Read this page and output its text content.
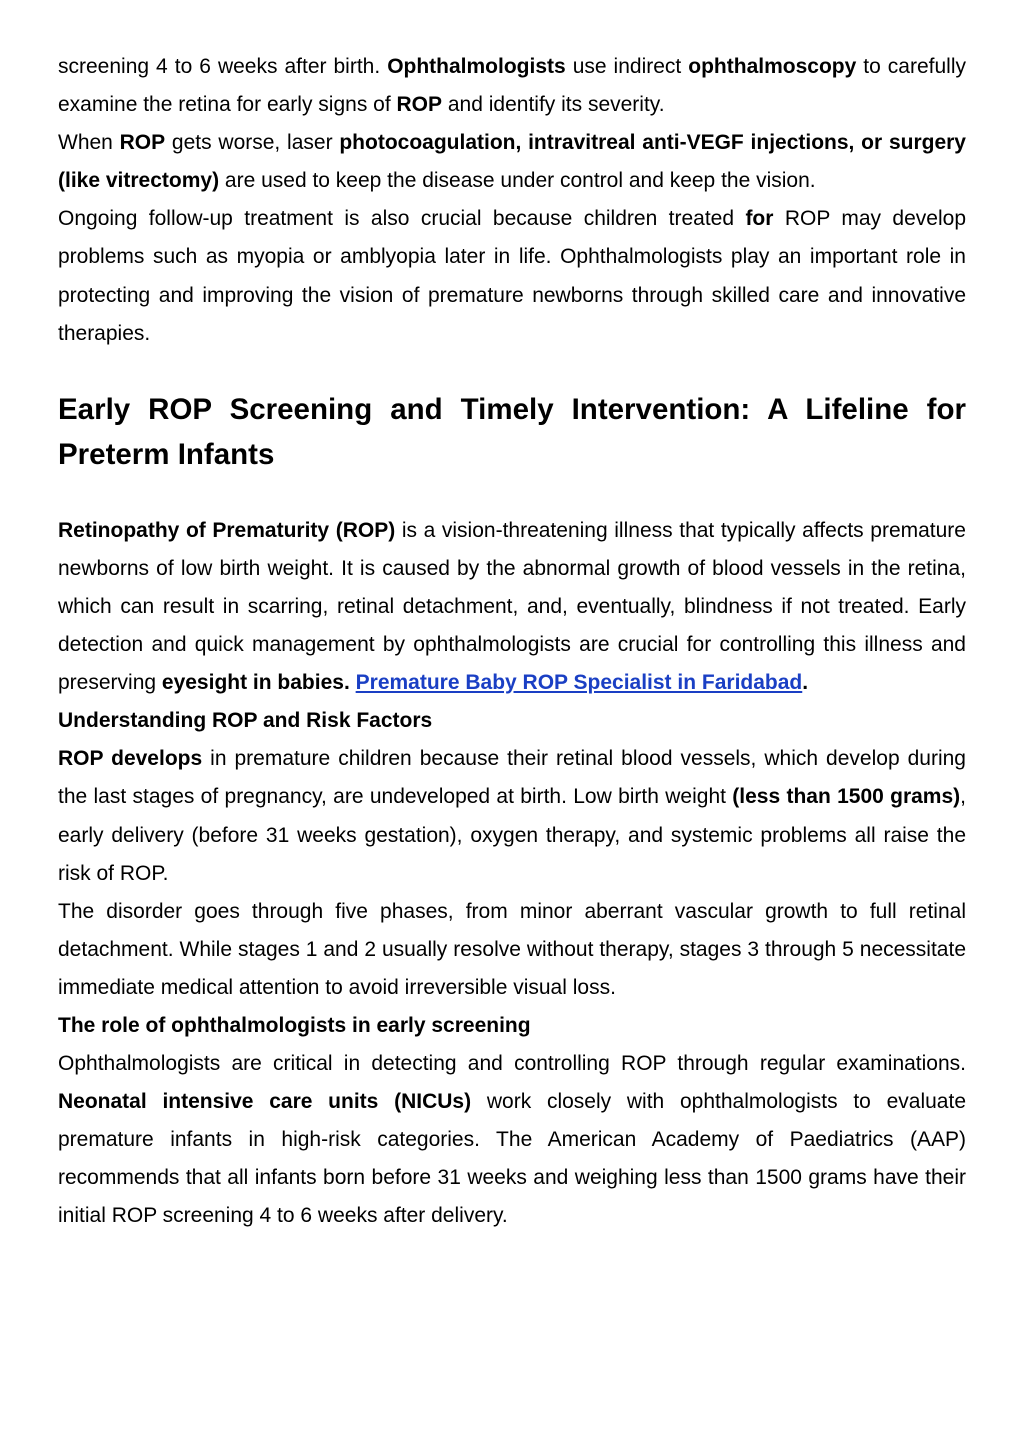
screening 4 to 6 weeks after birth. Ophthalmologists use indirect ophthalmoscopy to carefully examine the retina for early signs of ROP and identify its severity.

When ROP gets worse, laser photocoagulation, intravitreal anti-VEGF injections, or surgery (like vitrectomy) are used to keep the disease under control and keep the vision.

Ongoing follow-up treatment is also crucial because children treated for ROP may develop problems such as myopia or amblyopia later in life. Ophthalmologists play an important role in protecting and improving the vision of premature newborns through skilled care and innovative therapies.

Early ROP Screening and Timely Intervention: A Lifeline for Preterm Infants

Retinopathy of Prematurity (ROP) is a vision-threatening illness that typically affects premature newborns of low birth weight. It is caused by the abnormal growth of blood vessels in the retina, which can result in scarring, retinal detachment, and, eventually, blindness if not treated. Early detection and quick management by ophthalmologists are crucial for controlling this illness and preserving eyesight in babies. Premature Baby ROP Specialist in Faridabad.

Understanding ROP and Risk Factors

ROP develops in premature children because their retinal blood vessels, which develop during the last stages of pregnancy, are undeveloped at birth. Low birth weight (less than 1500 grams), early delivery (before 31 weeks gestation), oxygen therapy, and systemic problems all raise the risk of ROP.

The disorder goes through five phases, from minor aberrant vascular growth to full retinal detachment. While stages 1 and 2 usually resolve without therapy, stages 3 through 5 necessitate immediate medical attention to avoid irreversible visual loss.

The role of ophthalmologists in early screening

Ophthalmologists are critical in detecting and controlling ROP through regular examinations. Neonatal intensive care units (NICUs) work closely with ophthalmologists to evaluate premature infants in high-risk categories. The American Academy of Paediatrics (AAP) recommends that all infants born before 31 weeks and weighing less than 1500 grams have their initial ROP screening 4 to 6 weeks after delivery.
